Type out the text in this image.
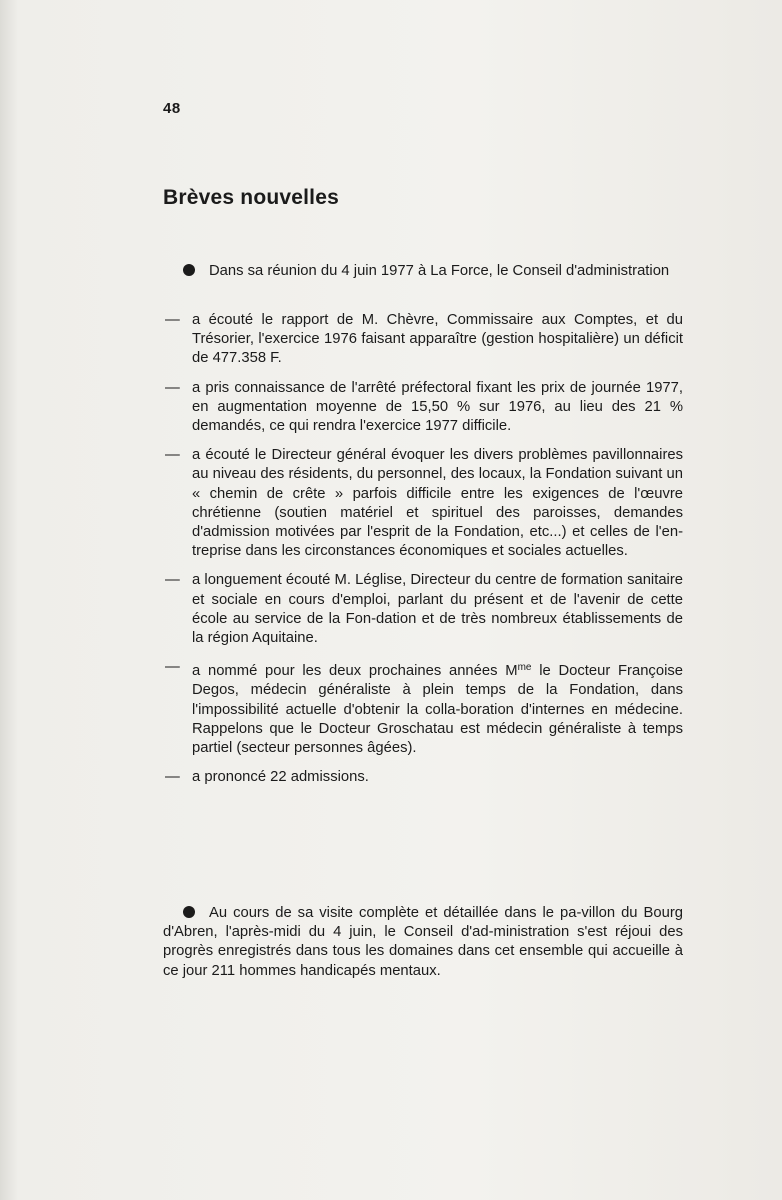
48
Brèves nouvelles
Dans sa réunion du 4 juin 1977 à La Force, le Conseil d'administration
— a écouté le rapport de M. Chèvre, Commissaire aux Comptes, et du Trésorier, l'exercice 1976 faisant apparaître (gestion hospitalière) un déficit de 477.358 F.
— a pris connaissance de l'arrêté préfectoral fixant les prix de journée 1977, en augmentation moyenne de 15,50 % sur 1976, au lieu des 21 % demandés, ce qui rendra l'exercice 1977 difficile.
— a écouté le Directeur général évoquer les divers problèmes pavillonnaires au niveau des résidents, du personnel, des locaux, la Fondation suivant un « chemin de crête » parfois difficile entre les exigences de l'œuvre chrétienne (soutien matériel et spirituel des paroisses, demandes d'admission motivées par l'esprit de la Fondation, etc...) et celles de l'en-treprise dans les circonstances économiques et sociales actuelles.
— a longuement écouté M. Léglise, Directeur du centre de formation sanitaire et sociale en cours d'emploi, parlant du présent et de l'avenir de cette école au service de la Fon-dation et de très nombreux établissements de la région Aquitaine.
— a nommé pour les deux prochaines années $M^{me}$ le Docteur Françoise Degos, médecin généraliste à plein temps de la Fondation, dans l'impossibilité actuelle d'obtenir la colla-boration d'internes en médecine. Rappelons que le Docteur Groschatau est médecin généraliste à temps partiel (secteur personnes âgées).
— a prononcé 22 admissions.
Au cours de sa visite complète et détaillée dans le pa-villon du Bourg d'Abren, l'après-midi du 4 juin, le Conseil d'ad-ministration s'est réjoui des progrès enregistrés dans tous les domaines dans cet ensemble qui accueille à ce jour 211 hommes handicapés mentaux.
